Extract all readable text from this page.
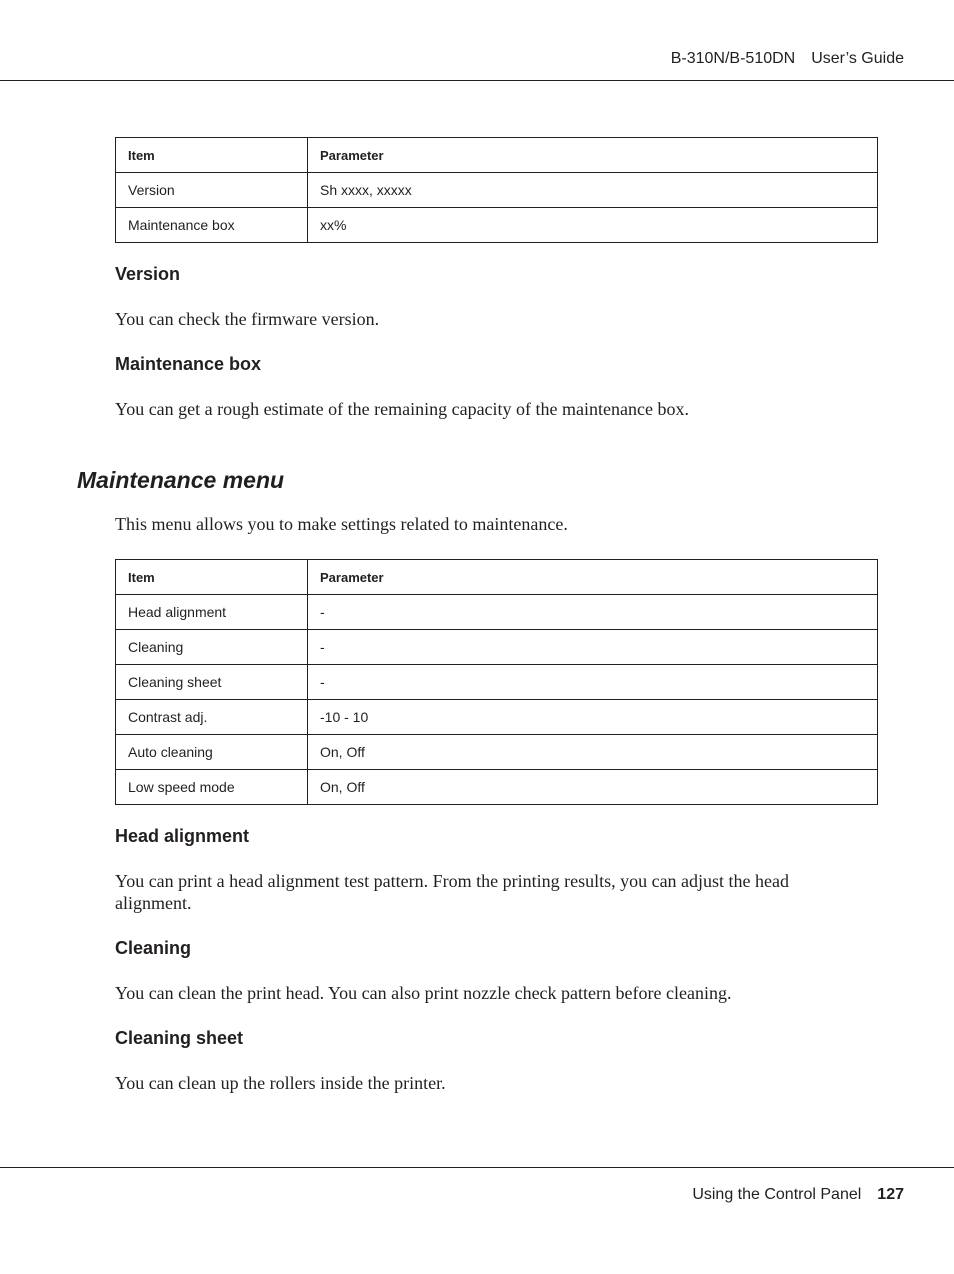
B-310N/B-510DN User’s Guide
Item	Parameter
Version	Sh xxxx, xxxxx
Maintenance box	xx%
Version
You can check the firmware version.
Maintenance box
You can get a rough estimate of the remaining capacity of the maintenance box.
Maintenance menu
This menu allows you to make settings related to maintenance.
Item	Parameter
Head alignment	-
Cleaning	-
Cleaning sheet	-
Contrast adj.	-10 - 10
Auto cleaning	On, Off
Low speed mode	On, Off
Head alignment
You can print a head alignment test pattern. From the printing results, you can adjust the head alignment.
Cleaning
You can clean the print head. You can also print nozzle check pattern before cleaning.
Cleaning sheet
You can clean up the rollers inside the printer.
Using the Control Panel 127
